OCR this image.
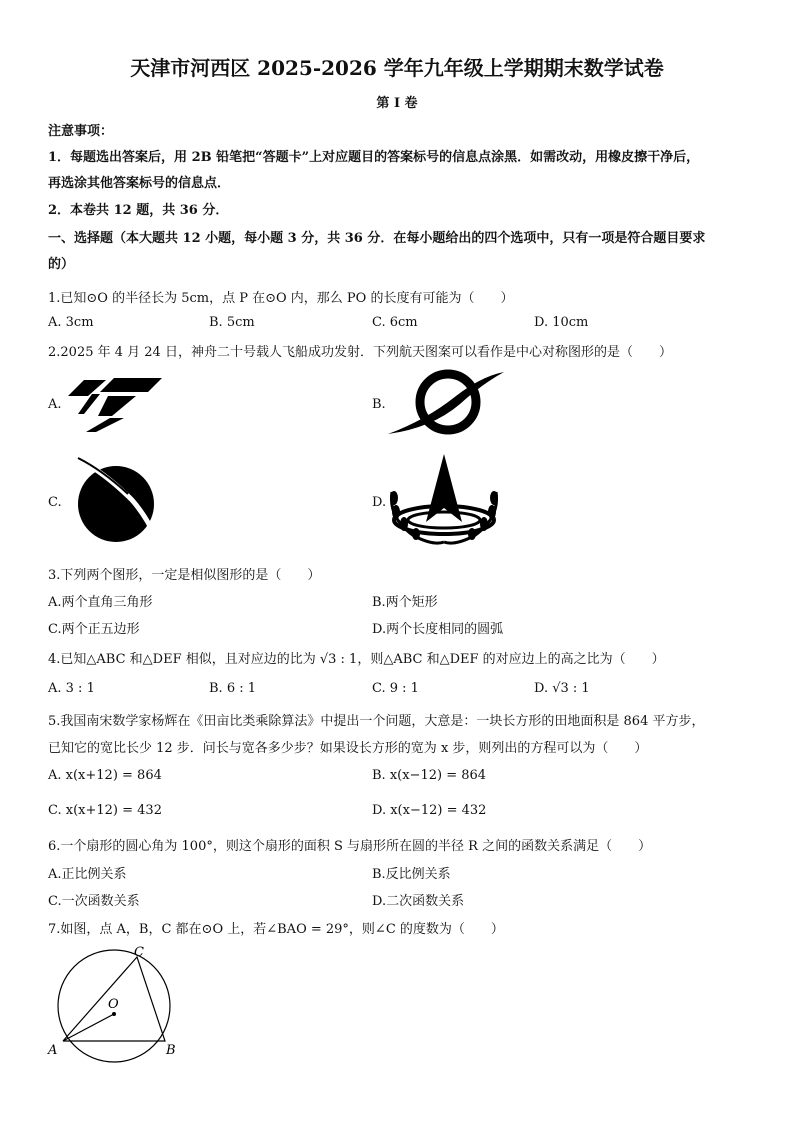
天津市河西区 2025-2026 学年九年级上学期期末数学试卷
第 I 卷
注意事项：
1．每题选出答案后，用 2B 铅笔把“答题卡”上对应题目的答案标号的信息点涂黑．如需改动，用橡皮擦干净后，
再选涂其他答案标号的信息点．
2．本卷共 12 题，共 36 分．
一、选择题（本大题共 12 小题，每小题 3 分，共 36 分．在每小题给出的四个选项中，只有一项是符合题目要求
的）
1.已知⊙O 的半径长为 5cm，点 P 在⊙O 内，那么 PO 的长度有可能为（　　）
A. 3cm	B. 5cm	C. 6cm	D. 10cm
2.2025 年 4 月 24 日，神舟二十号载人飞船成功发射．下列航天图案可以看作是中心对称图形的是（　　）
A.	B.
C.	D.
3.下列两个图形，一定是相似图形的是（　　）
A.两个直角三角形	B.两个矩形
C.两个正五边形	D.两个长度相同的圆弧
4.已知△ABC 和△DEF 相似，且对应边的比为 √3 : 1，则△ABC 和△DEF 的对应边上的高之比为（　　）
A. 3 : 1	B. 6 : 1	C. 9 : 1	D. √3 : 1
5.我国南宋数学家杨辉在《田亩比类乘除算法》中提出一个问题，大意是：一块长方形的田地面积是 864 平方步，
已知它的宽比长少 12 步．问长与宽各多少步？如果设长方形的宽为 x 步，则列出的方程可以为（　　）
A. x(x+12) = 864	B. x(x−12) = 864
C. x(x+12) = 432	D. x(x−12) = 432
6.一个扇形的圆心角为 100°，则这个扇形的面积 S 与扇形所在圆的半径 R 之间的函数关系满足（　　）
A.正比例关系	B.反比例关系
C.一次函数关系	D.二次函数关系
7.如图，点 A，B，C 都在⊙O 上，若∠BAO = 29°，则∠C 的度数为（　　）
A	B
C
O
